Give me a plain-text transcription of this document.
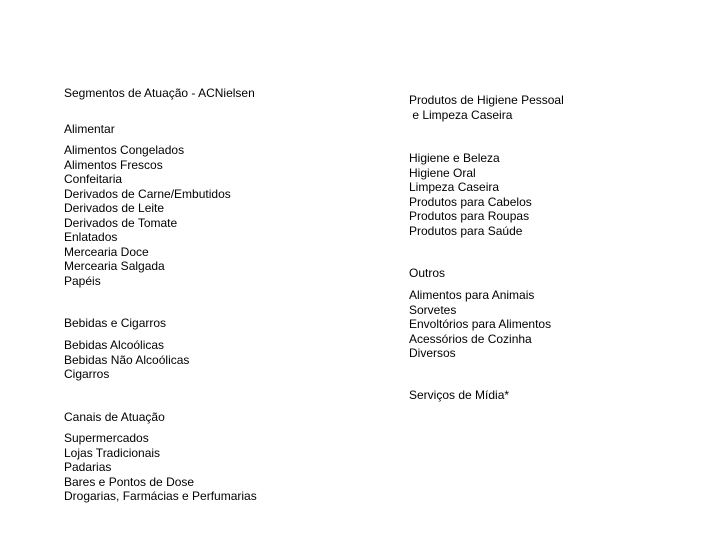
Segmentos de Atuação - ACNielsen
Alimentar
Alimentos Congelados
Alimentos Frescos
Confeitaria
Derivados de Carne/Embutidos
Derivados de Leite
Derivados de Tomate
Enlatados
Mercearia Doce
Mercearia Salgada
Papéis
Bebidas e Cigarros
Bebidas Alcoólicas
Bebidas Não Alcoólicas
Cigarros
Canais de Atuação
Supermercados
Lojas Tradicionais
Padarias
Bares e Pontos de Dose
Drogarias, Farmácias e Perfumarias
Produtos de Higiene Pessoal
e Limpeza Caseira
Higiene e Beleza
Higiene Oral
Limpeza Caseira
Produtos para Cabelos
Produtos para Roupas
Produtos para Saúde
Outros
Alimentos para Animais
Sorvetes
Envoltórios para Alimentos
Acessórios de Cozinha
Diversos
Serviços de Mídia*
